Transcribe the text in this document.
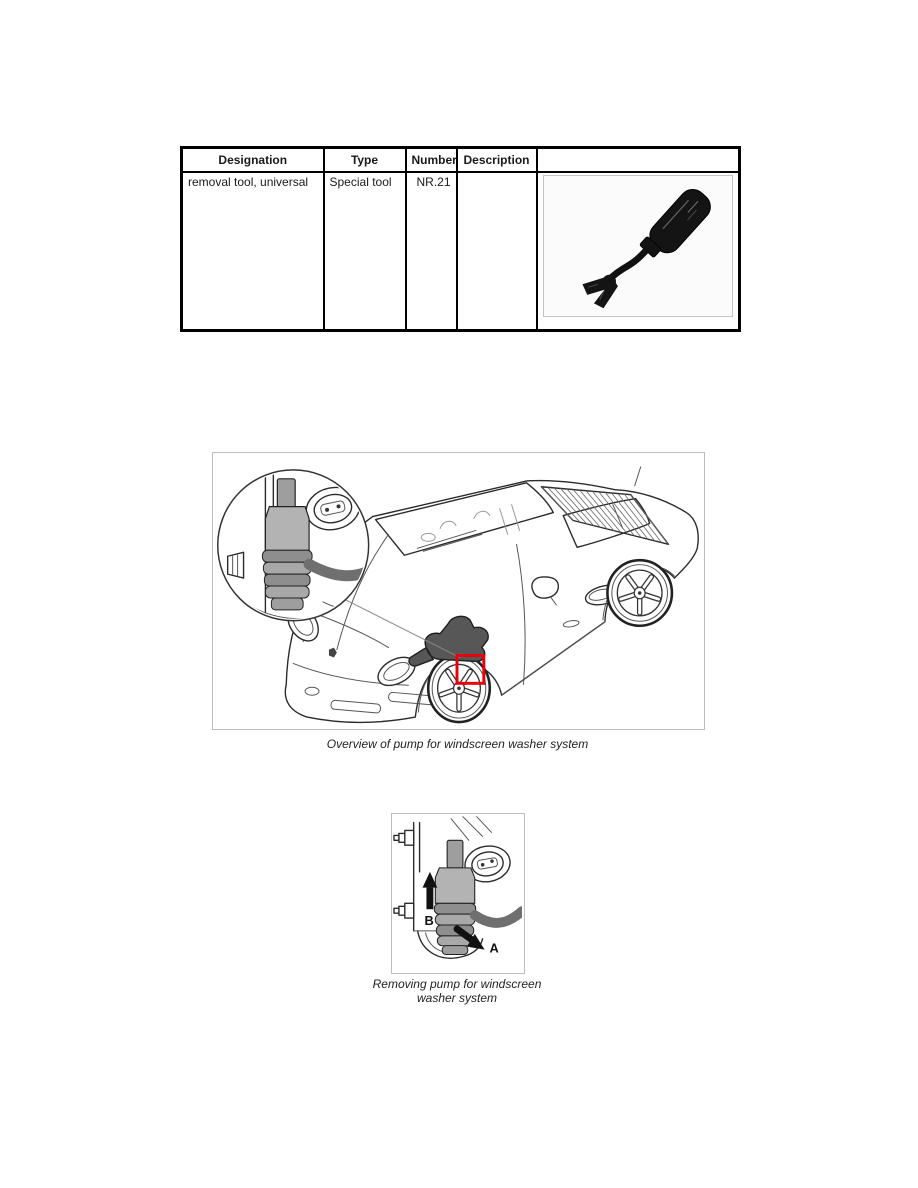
Designation	Type	Number	Description	
removal tool, universal	Special tool	NR.21		
Overview of pump for windscreen washer system
B
A
Removing pump for windscreen
washer system
